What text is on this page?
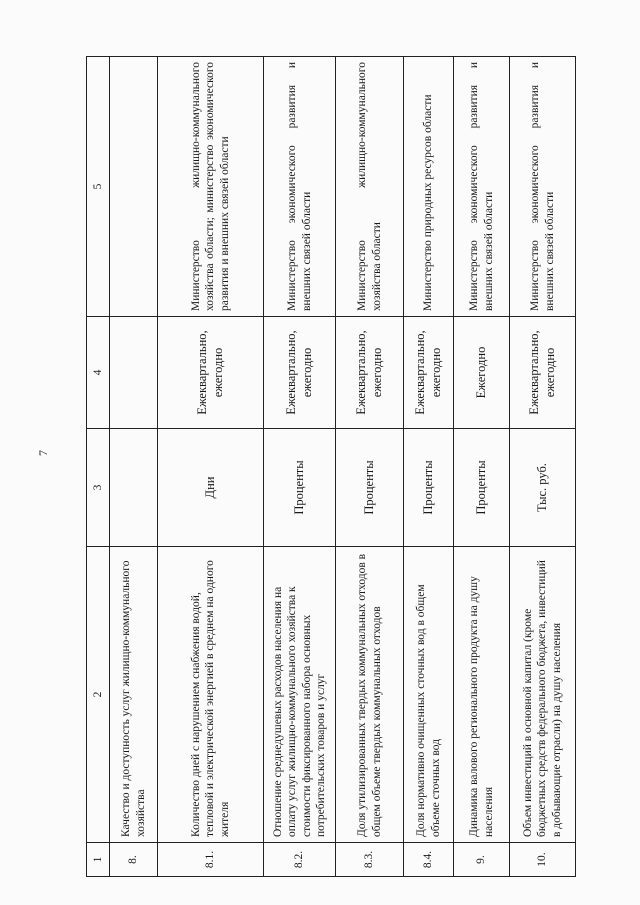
7
1	2	3	4	5
8.	Качество и доступность услуг жилищно-коммунального хозяйства			
8.1.	Количество дней с нарушением снабжения водой, тепловой и электрической энергией в среднем на одного жителя	Дни	Ежеквартально, ежегодно	Министерство жилищно-коммунального хозяйства области; министерство экономического развития и внешних связей области
8.2.	Отношение среднедушевых расходов населения на оплату услуг жилищно-коммунального хозяйства к стоимости фиксированного набора основных потребительских товаров и услуг	Проценты	Ежеквартально, ежегодно	Министерство экономического развития и внешних связей области
8.3.	Доля утилизированных твердых коммунальных отходов в общем объеме твердых коммунальных отходов	Проценты	Ежеквартально, ежегодно	Министерство жилищно-коммунального хозяйства области
8.4.	Доля нормативно очищенных сточных вод в общем объеме сточных вод	Проценты	Ежеквартально, ежегодно	Министерство природных ресурсов области
9.	Динамика валового регионального продукта на душу населения	Проценты	Ежегодно	Министерство экономического развития и внешних связей области
10.	Объем инвестиций в основной капитал (кроме бюджетных средств федерального бюджета, инвестиций в добывающие отрасли) на душу населения	Тыс. руб.	Ежеквартально, ежегодно	Министерство экономического развития и внешних связей области
